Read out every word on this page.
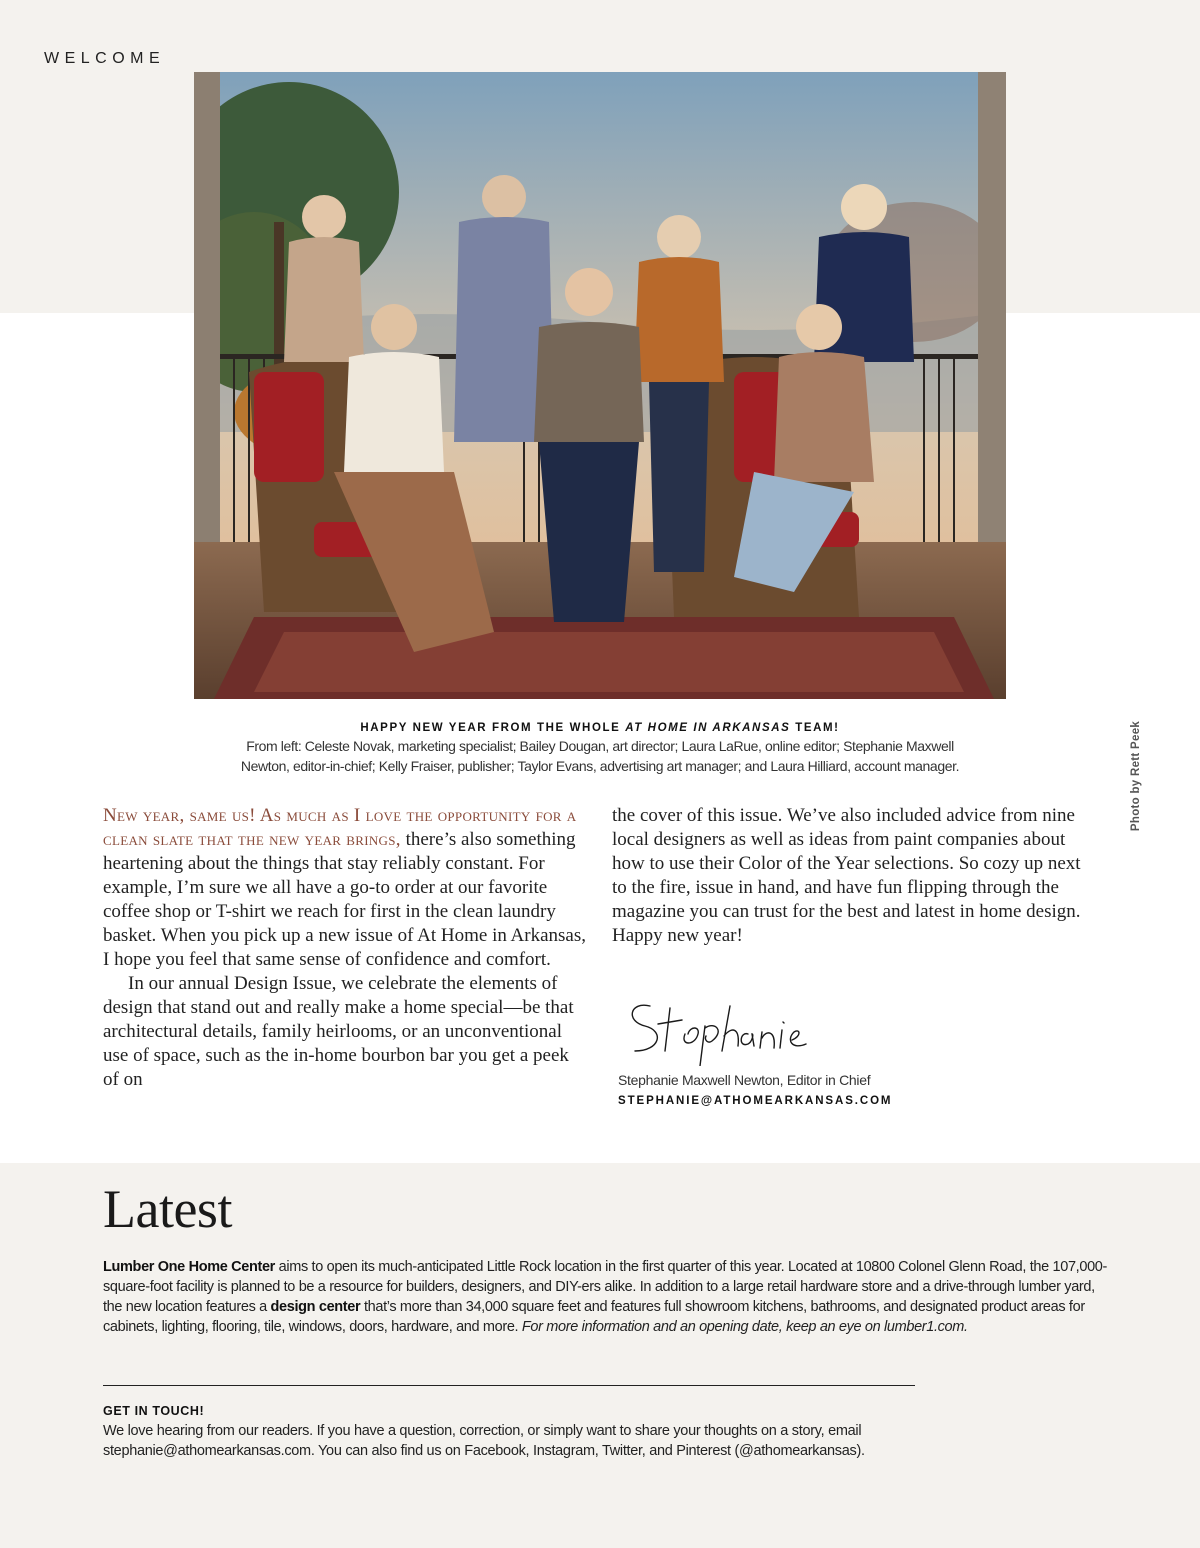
WELCOME
Photo by Rett Peek
HAPPY NEW YEAR FROM THE WHOLE AT HOME IN ARKANSAS TEAM!
From left: Celeste Novak, marketing specialist; Bailey Dougan, art director; Laura LaRue, online editor; Stephanie Maxwell
Newton, editor-in-chief; Kelly Fraiser, publisher; Taylor Evans, advertising art manager; and Laura Hilliard, account manager.

New year, same us! As much as I love the opportunity for a clean slate that the new year brings, there’s also something heartening about the things that stay reliably constant. For example, I’m sure we all have a go-to order at our favorite coffee shop or T-shirt we reach for first in the clean laundry basket. When you pick up a new issue of At Home in Arkansas, I hope you feel that same sense of confidence and comfort.

In our annual Design Issue, we celebrate the elements of design that stand out and really make a home special—be that architectural details, family heirlooms, or an unconventional use of space, such as the in-home bourbon bar you get a peek of on

the cover of this issue. We’ve also included advice from nine local designers as well as ideas from paint companies about how to use their Color of the Year selections. So cozy up next to the fire, issue in hand, and have fun flipping through the magazine you can trust for the best and latest in home design. Happy new year!

Stephanie Maxwell Newton, Editor in Chief
STEPHANIE@ATHOMEARKANSAS.COM
Latest
Lumber One Home Center aims to open its much-anticipated Little Rock location in the first quarter of this year. Located at 10800 Colonel Glenn Road, the 107,000-square-foot facility is planned to be a resource for builders, designers, and DIY-ers alike. In addition to a large retail hardware store and a drive-through lumber yard, the new location features a design center that’s more than 34,000 square feet and features full showroom kitchens, bathrooms, and designated product areas for cabinets, lighting, flooring, tile, windows, doors, hardware, and more. For more information and an opening date, keep an eye on lumber1.com.
GET IN TOUCH!
We love hearing from our readers. If you have a question, correction, or simply want to share your thoughts on a story, email
stephanie@athomearkansas.com. You can also find us on Facebook, Instagram, Twitter, and Pinterest (@athomearkansas).
